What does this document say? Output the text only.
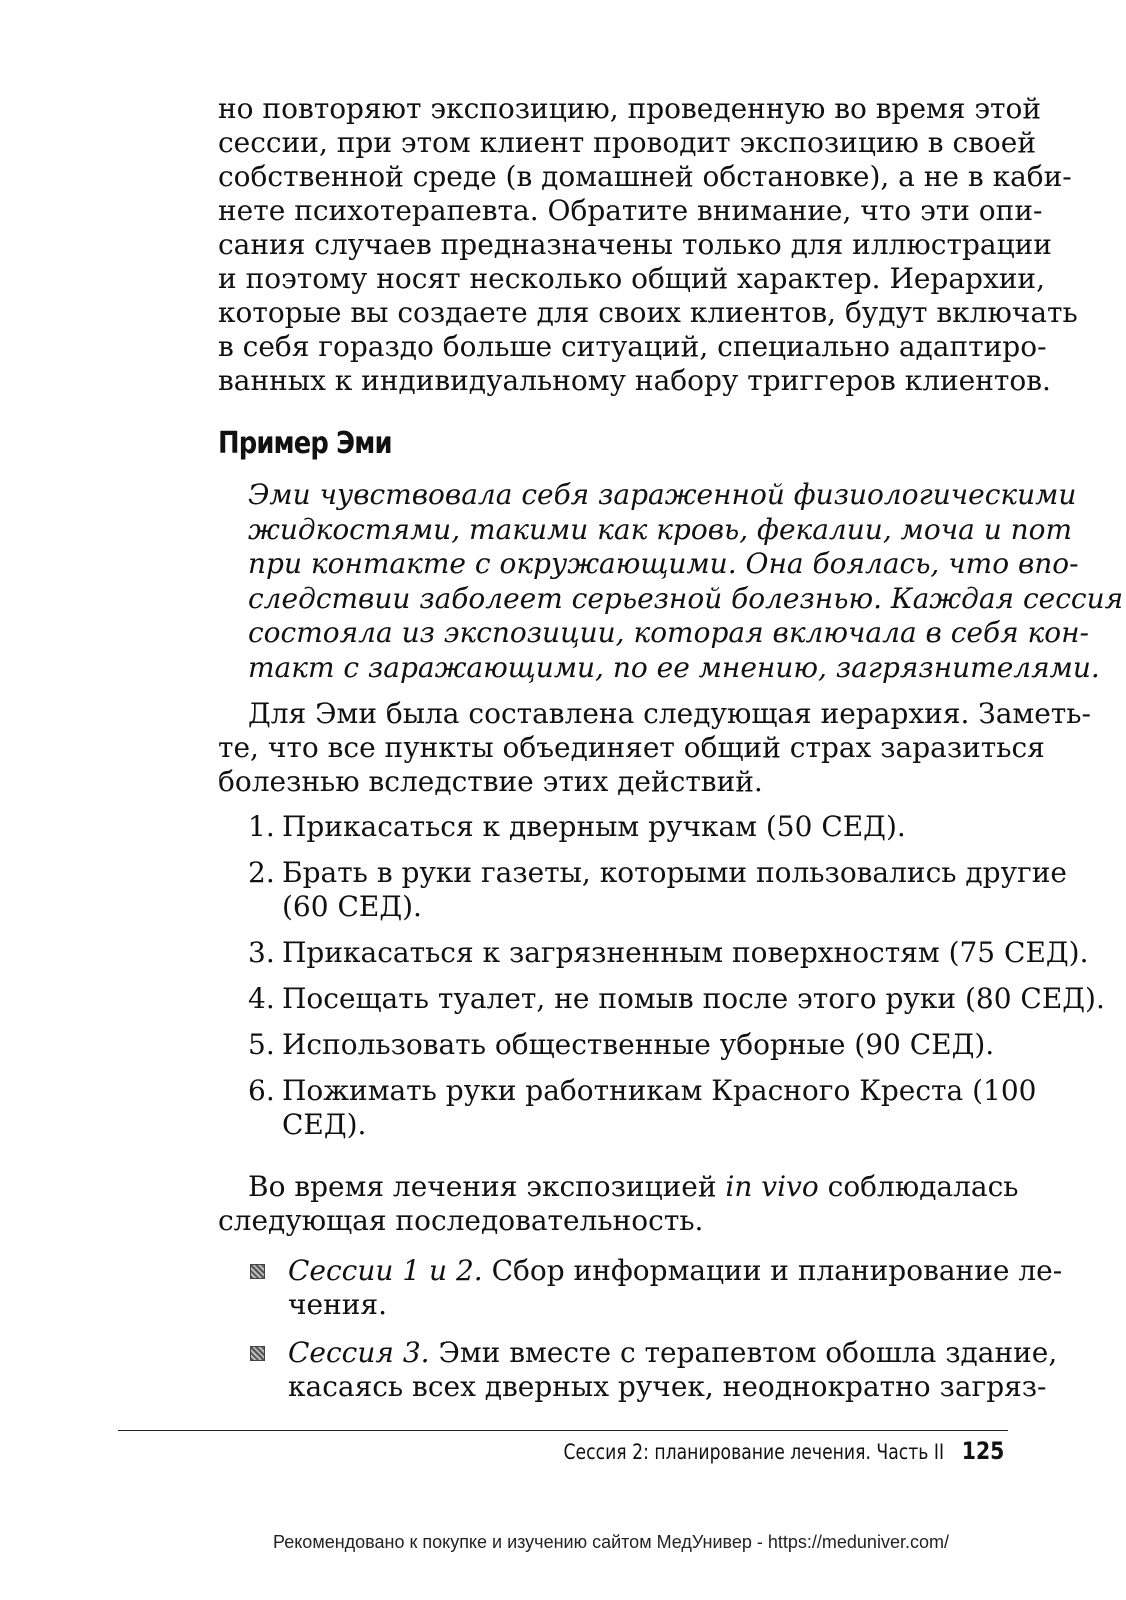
но повторяют экспозицию, проведенную во время этой
сессии, при этом клиент проводит экспозицию в своей
собственной среде (в домашней обстановке), а не в каби-
нете психотерапевта. Обратите внимание, что эти опи-
сания случаев предназначены только для иллюстрации
и поэтому носят несколько общий характер. Иерархии,
которые вы создаете для своих клиентов, будут включать
в себя гораздо больше ситуаций, специально адаптиро-
ванных к индивидуальному набору триггеров клиентов.
Пример Эми
Эми чувствовала себя зараженной физиологическими
жидкостями, такими как кровь, фекалии, моча и пот
при контакте с окружающими. Она боялась, что впо-
следствии заболеет серьезной болезнью. Каждая сессия
состояла из экспозиции, которая включала в себя кон-
такт с заражающими, по ее мнению, загрязнителями.
Для Эми была составлена следующая иерархия. Заметь-
те, что все пункты объединяет общий страх заразиться
болезнью вследствие этих действий.
1. Прикасаться к дверным ручкам (50 СЕД).
2. Брать в руки газеты, которыми пользовались другие
(60 СЕД).
3. Прикасаться к загрязненным поверхностям (75 СЕД).
4. Посещать туалет, не помыв после этого руки (80 СЕД).
5. Использовать общественные уборные (90 СЕД).
6. Пожимать руки работникам Красного Креста (100
СЕД).
Во время лечения экспозицией in vivo соблюдалась
следующая последовательность.
Сессии 1 и 2. Сбор информации и планирование ле-
чения.
Сессия 3. Эми вместе с терапевтом обошла здание,
касаясь всех дверных ручек, неоднократно загряз-
Сессия 2: планирование лечения. Часть II 125
Рекомендовано к покупке и изучению сайтом МедУнивер - https://meduniver.com/
